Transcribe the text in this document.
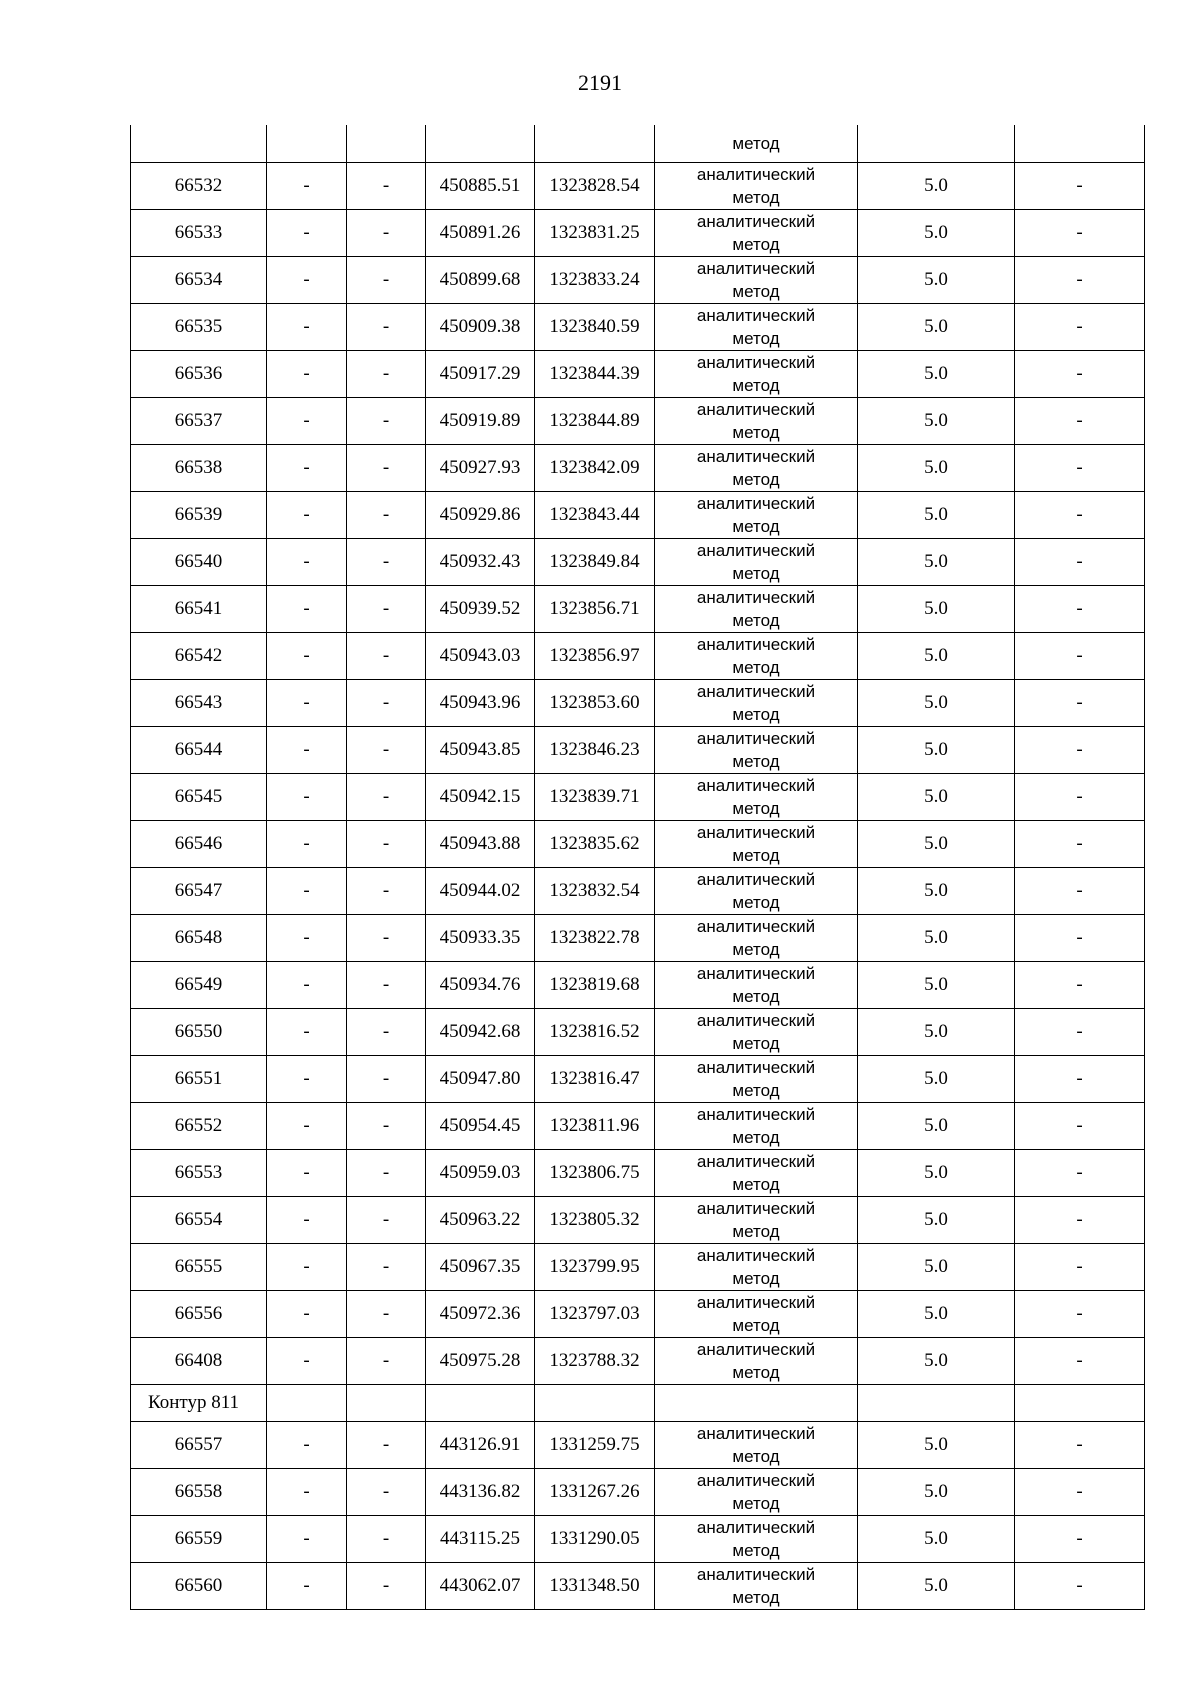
2191
					метод		
66532	-	-	450885.51	1323828.54	аналитический
метод	5.0	-
66533	-	-	450891.26	1323831.25	аналитический
метод	5.0	-
66534	-	-	450899.68	1323833.24	аналитический
метод	5.0	-
66535	-	-	450909.38	1323840.59	аналитический
метод	5.0	-
66536	-	-	450917.29	1323844.39	аналитический
метод	5.0	-
66537	-	-	450919.89	1323844.89	аналитический
метод	5.0	-
66538	-	-	450927.93	1323842.09	аналитический
метод	5.0	-
66539	-	-	450929.86	1323843.44	аналитический
метод	5.0	-
66540	-	-	450932.43	1323849.84	аналитический
метод	5.0	-
66541	-	-	450939.52	1323856.71	аналитический
метод	5.0	-
66542	-	-	450943.03	1323856.97	аналитический
метод	5.0	-
66543	-	-	450943.96	1323853.60	аналитический
метод	5.0	-
66544	-	-	450943.85	1323846.23	аналитический
метод	5.0	-
66545	-	-	450942.15	1323839.71	аналитический
метод	5.0	-
66546	-	-	450943.88	1323835.62	аналитический
метод	5.0	-
66547	-	-	450944.02	1323832.54	аналитический
метод	5.0	-
66548	-	-	450933.35	1323822.78	аналитический
метод	5.0	-
66549	-	-	450934.76	1323819.68	аналитический
метод	5.0	-
66550	-	-	450942.68	1323816.52	аналитический
метод	5.0	-
66551	-	-	450947.80	1323816.47	аналитический
метод	5.0	-
66552	-	-	450954.45	1323811.96	аналитический
метод	5.0	-
66553	-	-	450959.03	1323806.75	аналитический
метод	5.0	-
66554	-	-	450963.22	1323805.32	аналитический
метод	5.0	-
66555	-	-	450967.35	1323799.95	аналитический
метод	5.0	-
66556	-	-	450972.36	1323797.03	аналитический
метод	5.0	-
66408	-	-	450975.28	1323788.32	аналитический
метод	5.0	-
Контур 811							
66557	-	-	443126.91	1331259.75	аналитический
метод	5.0	-
66558	-	-	443136.82	1331267.26	аналитический
метод	5.0	-
66559	-	-	443115.25	1331290.05	аналитический
метод	5.0	-
66560	-	-	443062.07	1331348.50	аналитический
метод	5.0	-
